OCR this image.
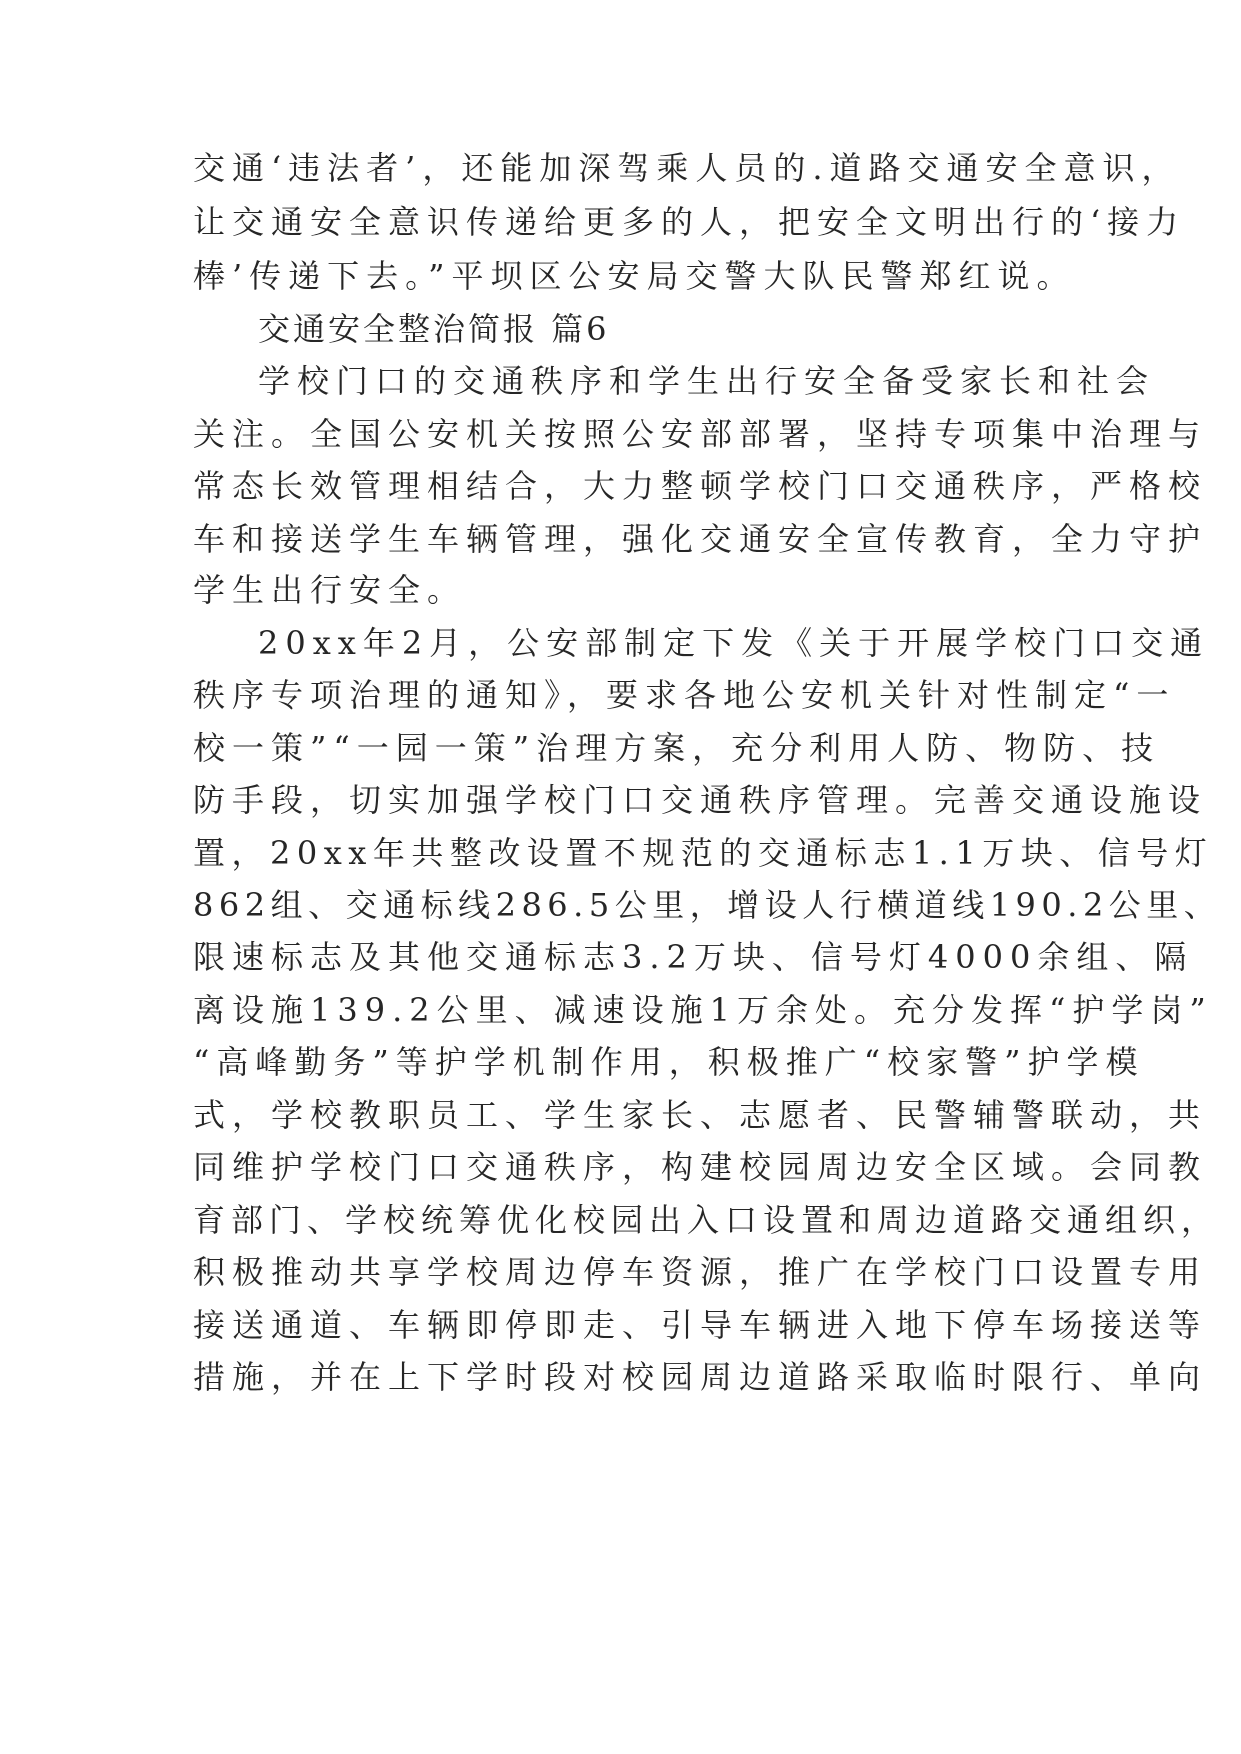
交通‘违法者’，还能加深驾乘人员的.道路交通安全意识，
让交通安全意识传递给更多的人，把安全文明出行的‘接力
棒’传递下去。”平坝区公安局交警大队民警郑红说。
交通安全整治简报 篇6
学校门口的交通秩序和学生出行安全备受家长和社会
关注。全国公安机关按照公安部部署，坚持专项集中治理与
常态长效管理相结合，大力整顿学校门口交通秩序，严格校
车和接送学生车辆管理，强化交通安全宣传教育，全力守护
学生出行安全。
20xx年2月，公安部制定下发《关于开展学校门口交通
秩序专项治理的通知》，要求各地公安机关针对性制定“一
校一策”“一园一策”治理方案，充分利用人防、物防、技
防手段，切实加强学校门口交通秩序管理。完善交通设施设
置，20xx年共整改设置不规范的交通标志1.1万块、信号灯
862组、交通标线286.5公里，增设人行横道线190.2公里、
限速标志及其他交通标志3.2万块、信号灯4000余组、隔
离设施139.2公里、减速设施1万余处。充分发挥“护学岗”
“高峰勤务”等护学机制作用，积极推广“校家警”护学模
式，学校教职员工、学生家长、志愿者、民警辅警联动，共
同维护学校门口交通秩序，构建校园周边安全区域。会同教
育部门、学校统筹优化校园出入口设置和周边道路交通组织，
积极推动共享学校周边停车资源，推广在学校门口设置专用
接送通道、车辆即停即走、引导车辆进入地下停车场接送等
措施，并在上下学时段对校园周边道路采取临时限行、单向
